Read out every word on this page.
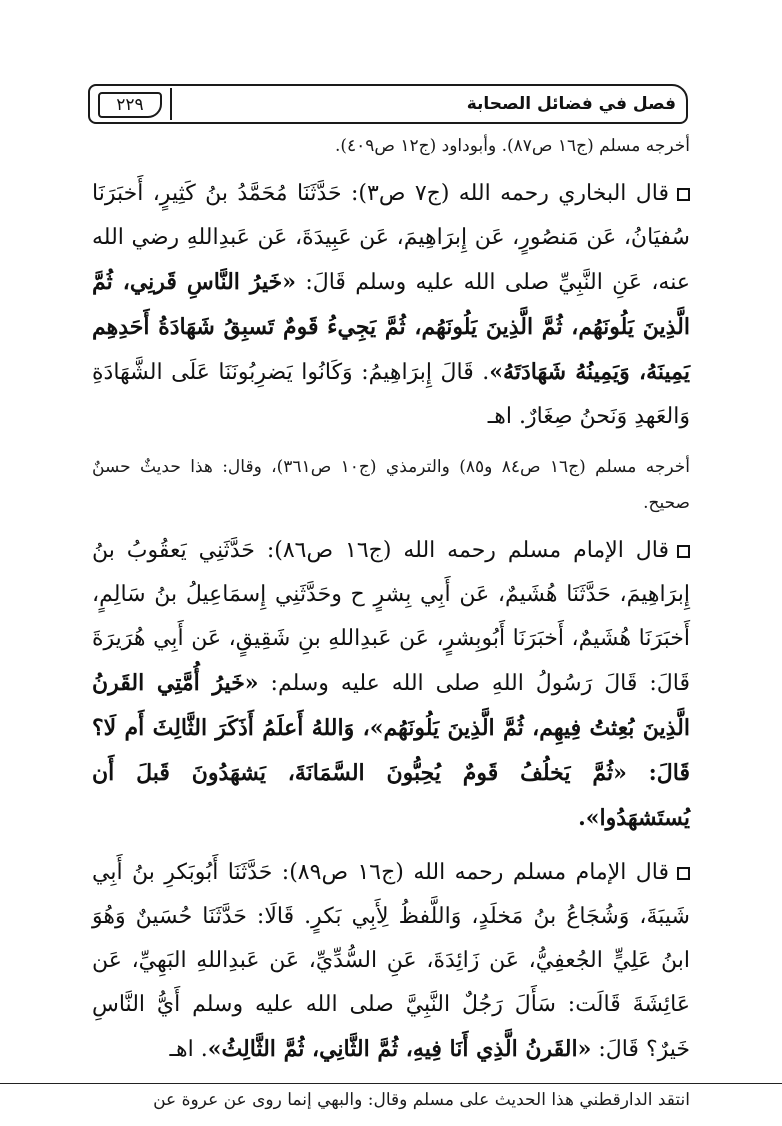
٢٢٩	فصل في فضائل الصحابة

أخرجه مسلم (ج١٦ ص٨٧). وأبوداود (ج١٢ ص٤٠٩).

قال البخاري رحمه الله (ج٧ ص٣): حَدَّثَنَا مُحَمَّدُ بنُ كَثِيرٍ، أَخبَرَنَا سُفيَانُ، عَن مَنصُورٍ، عَن إِبرَاهِيمَ، عَن عَبِيدَةَ، عَن عَبدِاللهِ رضي الله عنه، عَنِ النَّبِيِّ صلى الله عليه وسلم قَالَ: «خَيرُ النَّاسِ قَرنِي، ثُمَّ الَّذِينَ يَلُونَهُم، ثُمَّ الَّذِينَ يَلُونَهُم، ثُمَّ يَجِيءُ قَومٌ تَسبِقُ شَهَادَةُ أَحَدِهِم يَمِينَهُ، وَيَمِينُهُ شَهَادَتَهُ». قَالَ إِبرَاهِيمُ: وَكَانُوا يَضرِبُونَنَا عَلَى الشَّهَادَةِ وَالعَهدِ وَنَحنُ صِغَارٌ. اهـ

أخرجه مسلم (ج١٦ ص٨٤ و٨٥) والترمذي (ج١٠ ص٣٦١)، وقال: هذا حديثٌ حسنٌ صحيح.

قال الإمام مسلم رحمه الله (ج١٦ ص٨٦): حَدَّثَنِي يَعقُوبُ بنُ إِبرَاهِيمَ، حَدَّثَنَا هُشَيمٌ، عَن أَبِي بِشرٍ ح وحَدَّثَنِي إِسمَاعِيلُ بنُ سَالِمٍ، أَخبَرَنَا هُشَيمٌ، أَخبَرَنَا أَبُوبِشرٍ، عَن عَبدِاللهِ بنِ شَقِيقٍ، عَن أَبِي هُرَيرَةَ قَالَ: قَالَ رَسُولُ اللهِ صلى الله عليه وسلم: «خَيرُ أُمَّتِي القَرنُ الَّذِينَ بُعِثتُ فِيهِم، ثُمَّ الَّذِينَ يَلُونَهُم»، وَاللهُ أَعلَمُ أَذَكَرَ الثَّالِثَ أَم لَا؟ قَالَ: «ثُمَّ يَخلُفُ قَومٌ يُحِبُّونَ السَّمَانَةَ، يَشهَدُونَ قَبلَ أَن يُستَشهَدُوا».

قال الإمام مسلم رحمه الله (ج١٦ ص٨٩): حَدَّثَنَا أَبُوبَكرِ بنُ أَبِي شَيبَةَ، وَشُجَاعُ بنُ مَخلَدٍ، وَاللَّفظُ لِأَبِي بَكرٍ. قَالَا: حَدَّثَنَا حُسَينٌ وَهُوَ ابنُ عَلِيٍّ الجُعفِيُّ، عَن زَائِدَةَ، عَنِ السُّدِّيِّ، عَن عَبدِاللهِ البَهِيِّ، عَن عَائِشَةَ قَالَت: سَأَلَ رَجُلٌ النَّبِيَّ صلى الله عليه وسلم أَيُّ النَّاسِ خَيرٌ؟ قَالَ: «القَرنُ الَّذِي أَنَا فِيهِ، ثُمَّ الثَّانِي، ثُمَّ الثَّالِثُ». اهـ

انتقد الدارقطني هذا الحديث على مسلم وقال: والبهي إنما روى عن عروة عن
